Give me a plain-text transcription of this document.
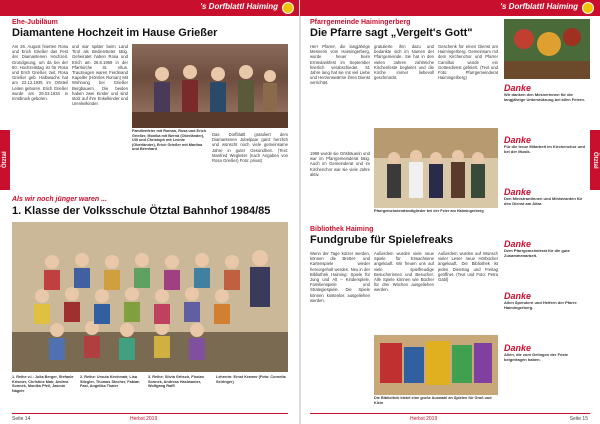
's Dorfblattl Haiming
Ötztal
Ehe-Jubiläum
Diamantene Hochzeit im Hause Grießer
Am 26. August feierten Rosa und Erich Grießer das Fest der Diamantenen Hochzeit. Grundgeung, um da bei der 60. Hochzeitstag ist für Rosa und Erich Grießer, zeit, Rosa Grießer geb. Halbwachs hat am 23.12.1935 im Ortsteil Leiten geboren. Erich Grießer wurde am 29.03.1934 in Innsbruck geboren.
und war später beim Land Tirol als Bediensteter tätig. Geheiratet haben Rosa und Erich am 26.8.1959 in der Pfarrkirche St. Vitus. Trauzeugen waren Ferdinand Kapeller (Hörnles Roman) Mit Wohnung bei Grießer Bergbauern. Die beiden haben zwei Kinder und sind stolz auf ihre Enkelkinder und Urenkelkinder.
Familienfeier mit Roman, Rosa und Erich Grießer, Monika mit Bernd (Oberländer), Ulli und Christoph mit Leonie (Oberländer), Erich Grießer mit Martina und Bernhard
Das Dorfblattl gratuliert dem Diamantenen Jubelpaar ganz herzlich und wünscht noch viele gemeinsame Jahre in guter Gesundheit. (Text: Manfred Wegleiter (nach Angaben von Rosa Grießer) Foto: privat)
Als wir noch jünger waren ...
1. Klasse der Volksschule Ötztal Bahnhof 1984/85
1. Reihe v.l.: Julia Berger, Stefanie Krismer, Christine Mair, Andrea Sonnek, Monika Pfeil, Jasmin Nagele
2. Reihe: Ursula Kirchmair, Lisa Stiegler, Thomas Stecher, Fabian Fast, Angelika Thaler
3. Reihe: Silvia Gritsch, Florian Sonnek, Andreas Haslwanter, Wolfgang Raffl
Lehrerin: Ernst Kramer (Foto: Cornelia Seiringer)
Seite 14	Herbst 2019
's Dorfblattl Haiming
Ötztal
Pfarrgemeinde Haimingerberg
Die Pfarre sagt „Vergelt's Gott"
Herr Pfarrer, die langjährige Mesnerin vom Haimingerberg, wurde heuer beim Erntedankfest im September feierlich verabschiedet. 51 Jahre lang hat sie mit viel Liebe und Herzenswärme ihren Dienst verrichtet.
gratulierte ihm dazu und bedankte sich im Namen der Pfarrgemeinde. Sie hat in den vielen Jahren zahlreiche Kirchenfeste begleitet und die Kirche immer liebevoll geschmückt.
Geschenk für einen Dienst am Haimingerberg. Gemeinsam mit dem Kirchenchor und Pfarrer Camillus wurde ein Gottesdienst gefeiert. (Text und Foto: Pfarrgemeinderat Haimingerberg)
1999 wurde sie Ortsbäuerin und war im Pfarrgemeinderat tätig. Auch im Gemeinderat und im Kirchenchor war sie viele Jahre aktiv.
Pfarrgemeinderatsmitglieder bei der Feier am Haimingerberg
Bibliothek Haiming
Fundgrube für Spielefreaks
Wenn der Tage kürzer werden, können die Bretter- und Kartenspiele wieder hervorgeholt werden. Neu in der Bibliothek Haiming: Spiele für Jung und Alt – Kinderspiele, Familienspiele und Strategiespiele. Die Spiele können kostenlos ausgeliehen werden.
Außerdem wurden viele neue Spiele für Erwachsene angekauft. Wir freuen uns auf viele spielfreudige Besucherinnen und Besucher. Alle Spiele können wie Bücher für drei Wochen ausgeliehen werden.
Außerdem wurden auf Wunsch vieler Leser neue Hörbücher angekauft. Die Bibliothek ist jeden Dienstag und Freitag geöffnet. (Text und Foto: Petra Gabl)
Die Bibliothek bietet eine große Auswahl an Spielen für Groß und Klein
Danke
Wir danken den Mesnerinnen für die langjährige Unterstützung bei allen Feiern.
Danke
Für die treue Mitarbeit im Kirchenchor und bei der Musik.
Danke
Den Ministrantinnen und Ministranten für den Dienst am Altar.
Danke
Dem Pfarrgemeinderat für die gute Zusammenarbeit.
Danke
Allen Spendern und Helfern der Pfarre Haimingerberg.
Danke
Allen, die zum Gelingen der Feste beigetragen haben.
Herbst 2019	Seite 15
